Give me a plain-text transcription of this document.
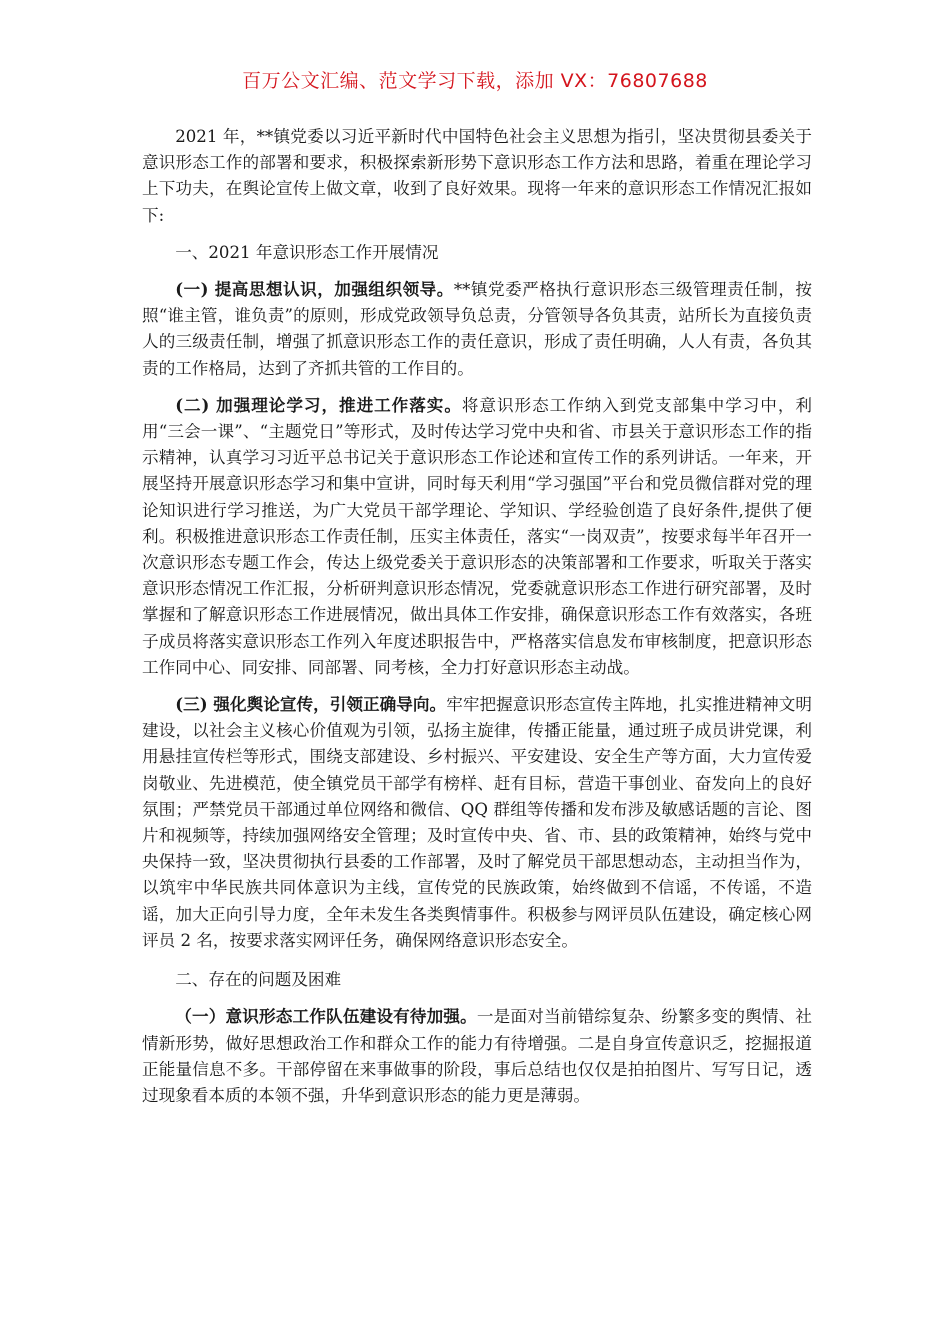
百万公文汇编、范文学习下载，添加 VX：76807688

2021 年，**镇党委以习近平新时代中国特色社会主义思想为指引，坚决贯彻县委关于意识形态工作的部署和要求，积极探索新形势下意识形态工作方法和思路，着重在理论学习上下功夫，在舆论宣传上做文章，收到了良好效果。现将一年来的意识形态工作情况汇报如下:

一、2021 年意识形态工作开展情况

(一) 提高思想认识，加强组织领导。**镇党委严格执行意识形态三级管理责任制，按照“谁主管，谁负责”的原则，形成党政领导负总责，分管领导各负其责，站所长为直接负责人的三级责任制，增强了抓意识形态工作的责任意识，形成了责任明确，人人有责，各负其责的工作格局，达到了齐抓共管的工作目的。

(二) 加强理论学习，推进工作落实。将意识形态工作纳入到党支部集中学习中，利用“三会一课”、“主题党日”等形式，及时传达学习党中央和省、市县关于意识形态工作的指示精神，认真学习习近平总书记关于意识形态工作论述和宣传工作的系列讲话。一年来，开展坚持开展意识形态学习和集中宣讲，同时每天利用“学习强国”平台和党员微信群对党的理论知识进行学习推送，为广大党员干部学理论、学知识、学经验创造了良好条件,提供了便利。积极推进意识形态工作责任制，压实主体责任，落实“一岗双责”，按要求每半年召开一次意识形态专题工作会，传达上级党委关于意识形态的决策部署和工作要求，听取关于落实意识形态情况工作汇报，分析研判意识形态情况，党委就意识形态工作进行研究部署，及时掌握和了解意识形态工作进展情况，做出具体工作安排，确保意识形态工作有效落实，各班子成员将落实意识形态工作列入年度述职报告中，严格落实信息发布审核制度，把意识形态工作同中心、同安排、同部署、同考核，全力打好意识形态主动战。

(三) 强化舆论宣传，引领正确导向。牢牢把握意识形态宣传主阵地，扎实推进精神文明建设，以社会主义核心价值观为引领，弘扬主旋律，传播正能量，通过班子成员讲党课，利用悬挂宣传栏等形式，围绕支部建设、乡村振兴、平安建设、安全生产等方面，大力宣传爱岗敬业、先进模范，使全镇党员干部学有榜样、赶有目标，营造干事创业、奋发向上的良好氛围；严禁党员干部通过单位网络和微信、QQ 群组等传播和发布涉及敏感话题的言论、图片和视频等，持续加强网络安全管理；及时宣传中央、省、市、县的政策精神，始终与党中央保持一致，坚决贯彻执行县委的工作部署，及时了解党员干部思想动态，主动担当作为，以筑牢中华民族共同体意识为主线，宣传党的民族政策，始终做到不信谣，不传谣，不造谣，加大正向引导力度，全年未发生各类舆情事件。积极参与网评员队伍建设，确定核心网评员 2 名，按要求落实网评任务，确保网络意识形态安全。

二、存在的问题及困难

（一）意识形态工作队伍建设有待加强。一是面对当前错综复杂、纷繁多变的舆情、社情新形势，做好思想政治工作和群众工作的能力有待增强。二是自身宣传意识乏，挖掘报道正能量信息不多。干部停留在来事做事的阶段，事后总结也仅仅是拍拍图片、写写日记，透过现象看本质的本领不强，升华到意识形态的能力更是薄弱。
